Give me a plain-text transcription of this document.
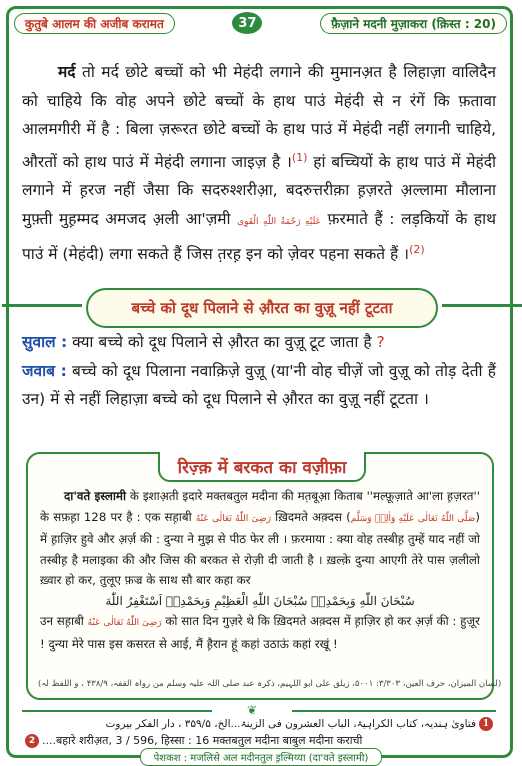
कुतुबे आलम की अजीब करामत	37	फ़ैज़ाने मदनी मुज़ाकरा (क़िस्त : 20)

मर्द तो मर्द छोटे बच्चों को भी मेहंदी लगाने की मुमानअ़त है लिहाज़ा वालिदैन को चाहिये कि वोह अपने छोटे बच्चों के हाथ पाउं मेहंदी से न रंगें कि फ़तावा आलमगीरी में है : बिला ज़रूरत छोटे बच्चों के हाथ पाउं में मेहंदी नहीं लगानी चाहिये, औरतों को हाथ पाउं में मेहंदी लगाना जाइज़ है ।$^{(1)}$ हां बच्चियों के हाथ पाउं में मेहंदी लगाने में ह़रज नहीं जैसा कि सदरुश्शरीआ़, बदरुत्तरीक़ा ह़ज़रते अ़ल्लामा मौलाना मुफ़्ती मुह़म्मद अमजद अ़ली आ'ज़मी عَلَيْهِ رَحْمَةُ اللّٰهِ الْقَوِی फ़रमाते हैं : लड़कियों के हाथ पाउं में (मेहंदी) लगा सकते हैं जिस त़रह़ इन को ज़ेवर पहना सकते हैं ।$^{(2)}$

बच्चे को दूध पिलाने से औ़रत का वुज़ू नहीं टूटता

सुवाल : क्या बच्चे को दूध पिलाने से औ़रत का वुज़ू टूट जाता है ?

जवाब : बच्चे को दूध पिलाना नवाक़िज़े वुज़ू (या'नी वोह चीज़ें जो वुज़ू को तोड़ देती हैं उन) में से नहीं लिहाज़ा बच्चे को दूध पिलाने से औ़रत का वुज़ू नहीं टूटता ।

रिज़्क़ में बरकत का वज़ीफ़ा

दा'वते इस्लामी के इशाअ़ती इदारे मक्तबतुल मदीना की मत़बूआ़ किताब ''मल्फ़ूज़ाते आ'ला ह़ज़रत'' के सफ़ह़ा 128 पर है : एक सह़ाबी رَضِیَ اللّٰهُ تَعَالٰی عَنْهُ ख़िदमते अक़्दस (صَلَّی اللّٰهُ تَعَالٰی عَلَیْهِ وَاٰلِهٖ وَسَلَّم) में ह़ाज़िर हुवे और अ़र्ज़ की : दुन्या ने मुझ से पीठ फेर ली । फ़रमाया : क्या वोह तस्बीह़ तुम्हें याद नहीं जो तस्बीह़ है मलाइका की और जिस की बरकत से रोज़ी दी जाती है । ख़ल्क़े दुन्या आएगी तेरे पास ज़लीलो ख़्वार हो कर, तुलूए फ़ज्र के साथ सौ बार कहा कर

سُبْحَانَ اللّٰهِ وَبِحَمْدِهٖ سُبْحَانَ اللّٰهِ الْعَظِیْمِ وَبِحَمْدِهٖ اَسْتَغْفِرُ اللّٰهَ

उन सह़ाबी رَضِیَ اللّٰهُ تَعَالٰی عَنْهُ को सात दिन गुज़रे थे कि ख़िदमते अक़्दस में ह़ाज़िर हो कर अ़र्ज़ की : हुज़ूर ! दुन्या मेरे पास इस कसरत से आई, मैं ह़ैरान हूं कहां उठाऊं कहां रखूं !

(لسان المیزان، حرف العین، ۳/۳۰۳: ۵۰۰۱، زیلق علی ابو اللہیم، ذکرہ عبد صلی اللہ علیہ وسلم من رواہ القفہ، ۴۳۸/۹ ، و اللفظ لہ)
❦
فتاویٰ ہندیہ، کتاب الکراہیۃ، الباب العشرون فی الزینۃ...الخ، ۳۵۹/۵ ، دار الفکر بیروت 1
2 ....बहारे शरीअ़त, 3 / 596, हिस्सा : 16 मक्तबतुल मदीना बाबुल मदीना कराची
पेशकश : मजलिसे अल मदीनतुल इ़ल्मिय्या (दा'वते इस्लामी)
